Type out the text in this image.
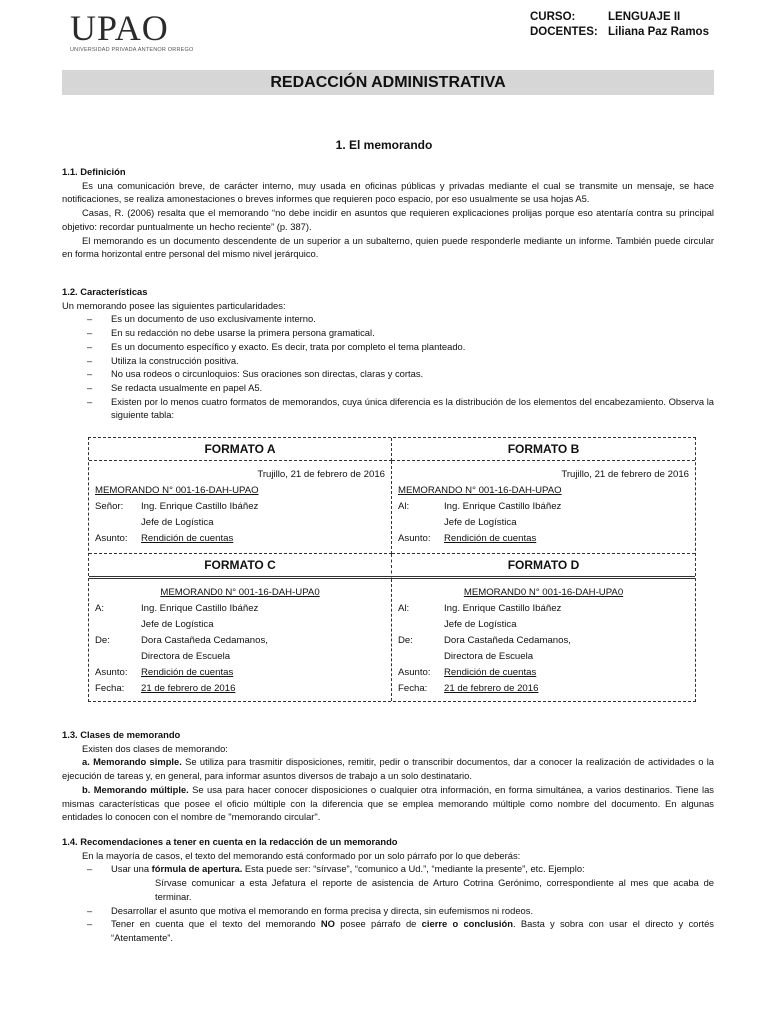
UPAO
UNIVERSIDAD PRIVADA ANTENOR ORREGO
CURSO:	LENGUAJE II
DOCENTES: Liliana Paz Ramos
REDACCIÓN ADMINISTRATIVA
1. El memorando

1.1. Definición

Es una comunicación breve, de carácter interno, muy usada en oficinas públicas y privadas mediante el cual se transmite un mensaje, se hace notificaciones, se realiza amonestaciones o breves informes que requieren poco espacio, por eso usualmente se usa hojas A5.

Casas, R. (2006) resalta que el memorando “no debe incidir en asuntos que requieren explicaciones prolijas porque eso atentaría contra su principal objetivo: recordar puntualmente un hecho reciente” (p. 387).

El memorando es un documento descendente de un superior a un subalterno, quien puede responderle mediante un informe. También puede circular en forma horizontal entre personal del mismo nivel jerárquico.

1.2. Características

Un memorando posee las siguientes particularidades:

– Es un documento de uso exclusivamente interno.
– En su redacción no debe usarse la primera persona gramatical.
– Es un documento específico y exacto. Es decir, trata por completo el tema planteado.
– Utiliza la construcción positiva.
– No usa rodeos o circunloquios: Sus oraciones son directas, claras y cortas.
– Se redacta usualmente en papel A5.
– Existen por lo menos cuatro formatos de memorandos, cuya única diferencia es la distribución de los elementos del encabezamiento. Observa la siguiente tabla:
FORMATO A	FORMATO B
Trujillo, 21 de febrero de 2016
MEMORANDO N° 001-16-DAH-UPAO
Señor:	Ing. Enrique Castillo Ibáñez
Jefe de Logística
Asunto:	Rendición de cuentas
Trujillo, 21 de febrero de 2016
MEMORANDO N° 001-16-DAH-UPAO
Al:	Ing. Enrique Castillo Ibáñez
Jefe de Logística
Asunto:	Rendición de cuentas
FORMATO C	FORMATO D
MEMORAND0 N° 001-16-DAH-UPA0
A:	Ing. Enrique Castillo Ibáñez
Jefe de Logística
De:	Dora Castañeda Cedamanos,
Directora de Escuela
Asunto:	Rendición de cuentas
Fecha:	21 de febrero de 2016
MEMORAND0 N° 001-16-DAH-UPA0
Al:	Ing. Enrique Castillo Ibáñez
Jefe de Logística
De:	Dora Castañeda Cedamanos,
Directora de Escuela
Asunto:	Rendición de cuentas
Fecha:	21 de febrero de 2016

1.3. Clases de memorando

Existen dos clases de memorando:

a. Memorando simple. Se utiliza para trasmitir disposiciones, remitir, pedir o transcribir documentos, dar a conocer la realización de actividades o la ejecución de tareas y, en general, para informar asuntos diversos de trabajo a un solo destinatario.

b. Memorando múltiple. Se usa para hacer conocer disposiciones o cualquier otra información, en forma simultánea, a varios destinarios. Tiene las mismas características que posee el oficio múltiple con la diferencia que se emplea memorando múltiple como nombre del documento. En algunas entidades lo conocen con el nombre de "memorando circular".

1.4. Recomendaciones a tener en cuenta en la redacción de un memorando

En la mayoría de casos, el texto del memorando está conformado por un solo párrafo por lo que deberás:

– Usar una fórmula de apertura. Esta puede ser: “sírvase”, “comunico a Ud.”, “mediante la presente”, etc. Ejemplo:
Sírvase comunicar a esta Jefatura el reporte de asistencia de Arturo Cotrina Gerónimo, correspondiente al mes que acaba de terminar.
– Desarrollar el asunto que motiva el memorando en forma precisa y directa, sin eufemismos ni rodeos.
– Tener en cuenta que el texto del memorando NO posee párrafo de cierre o conclusión. Basta y sobra con usar el directo y cortés “Atentamente”.
